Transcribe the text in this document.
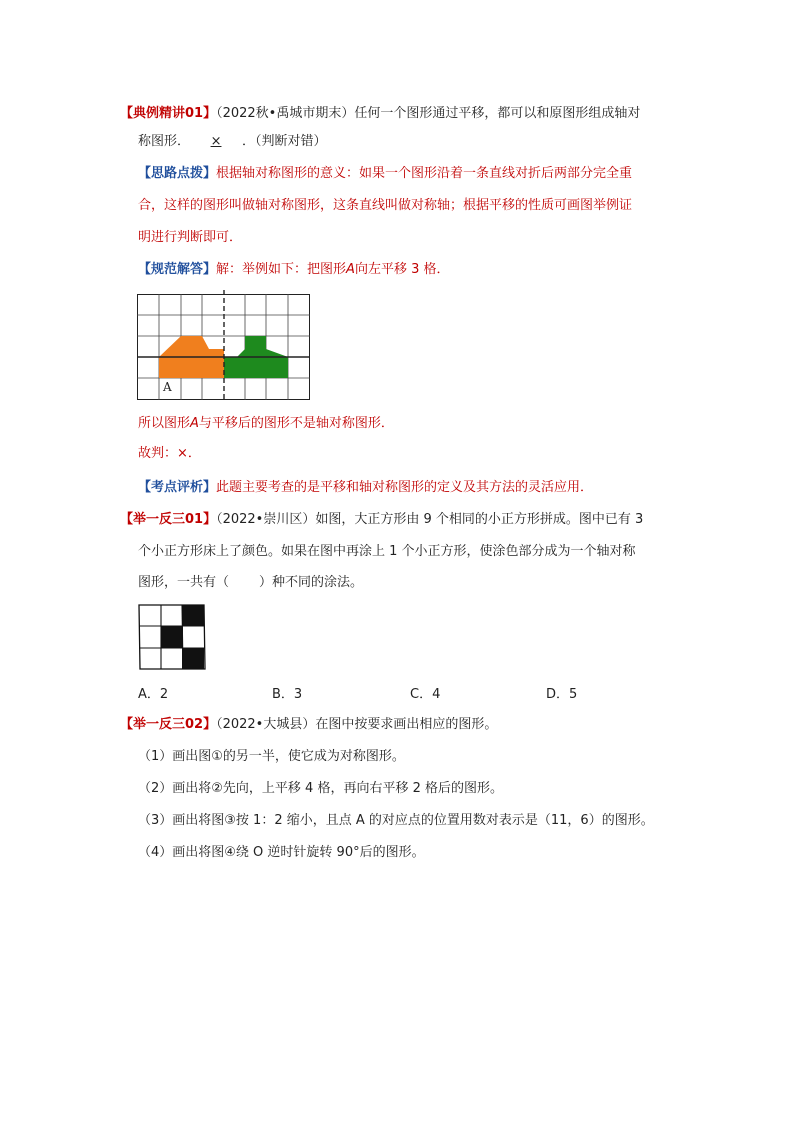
【典例精讲01】（2022秋•禹城市期末）任何一个图形通过平移，都可以和原图形组成轴对
称图形． × ．（判断对错）
【思路点拨】根据轴对称图形的意义：如果一个图形沿着一条直线对折后两部分完全重
合，这样的图形叫做轴对称图形，这条直线叫做对称轴；根据平移的性质可画图举例证
明进行判断即可．
【规范解答】解：举例如下：把图形A向左平移 3 格．
A
所以图形A与平移后的图形不是轴对称图形．
故判：×．
【考点评析】此题主要考查的是平移和轴对称图形的定义及其方法的灵活应用．
【举一反三01】（2022•崇川区）如图，大正方形由 9 个相同的小正方形拼成。图中已有 3
个小正方形床上了颜色。如果在图中再涂上 1 个小正方形，使涂色部分成为一个轴对称
图形，一共有（ ）种不同的涂法。
A．2	B．3	C．4	D．5
【举一反三02】（2022•大城县）在图中按要求画出相应的图形。
（1）画出图①的另一半，使它成为对称图形。
（2）画出将②先向，上平移 4 格，再向右平移 2 格后的图形。
（3）画出将图③按 1：2 缩小，且点 A 的对应点的位置用数对表示是（11，6）的图形。
（4）画出将图④绕 O 逆时针旋转 90°后的图形。
